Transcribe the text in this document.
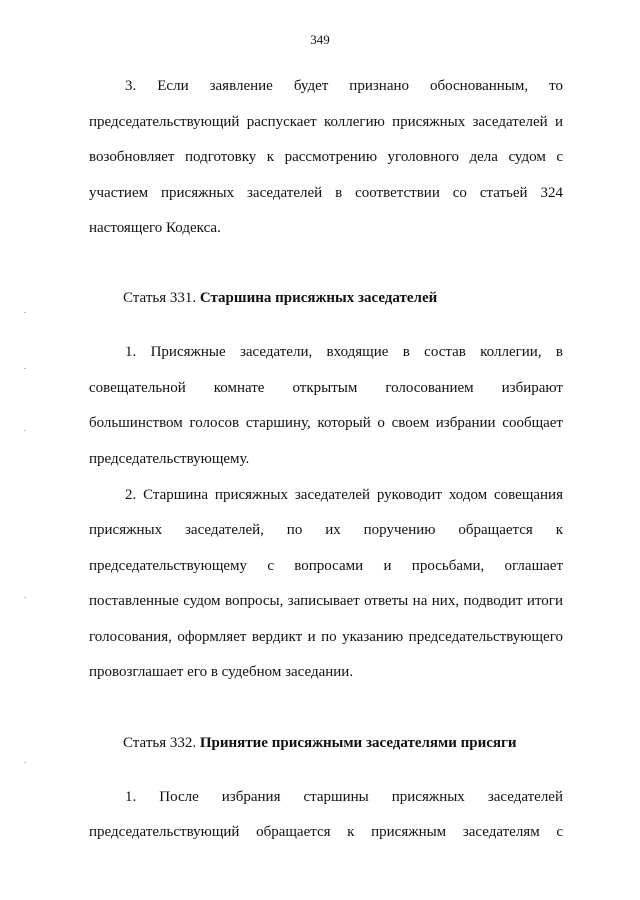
349
3. Если заявление будет признано обоснованным, то
председательствующий распускает коллегию присяжных заседателей и
возобновляет подготовку к рассмотрению уголовного дела судом с
участием присяжных заседателей в соответствии со статьей 324
настоящего Кодекса.
Статья 331. Старшина присяжных заседателей
1. Присяжные заседатели, входящие в состав коллегии, в
совещательной комнате открытым голосованием избирают
большинством голосов старшину, который о своем избрании сообщает
председательствующему.
2. Старшина присяжных заседателей руководит ходом совещания
присяжных заседателей, по их поручению обращается к
председательствующему с вопросами и просьбами, оглашает
поставленные судом вопросы, записывает ответы на них, подводит итоги
голосования, оформляет вердикт и по указанию председательствующего
провозглашает его в судебном заседании.
Статья 332. Принятие присяжными заседателями присяги
1. После избрания старшины присяжных заседателей
председательствующий обращается к присяжным заседателям с
.
.
.
.
.
